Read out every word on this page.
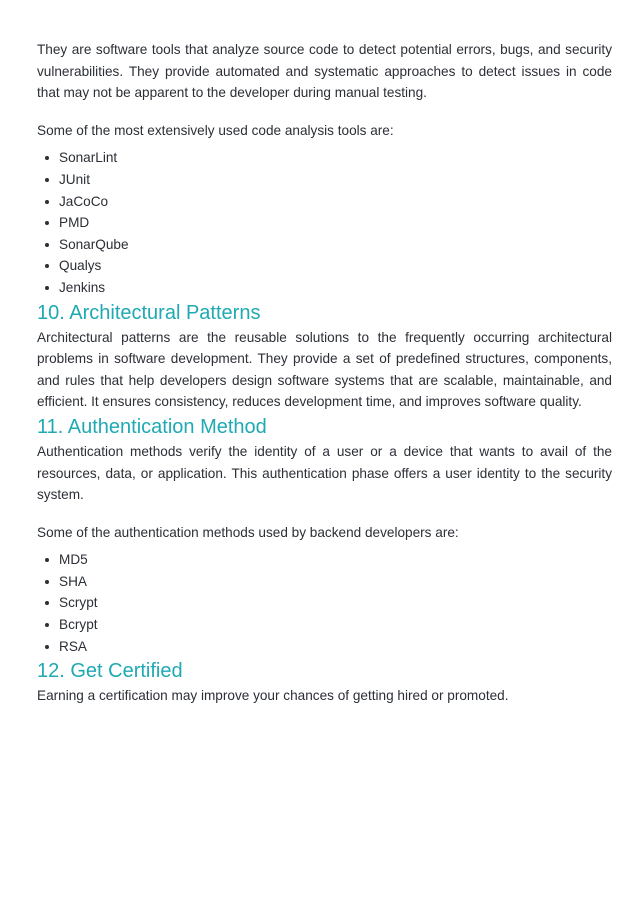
They are software tools that analyze source code to detect potential errors, bugs, and security vulnerabilities. They provide automated and systematic approaches to detect issues in code that may not be apparent to the developer during manual testing.

Some of the most extensively used code analysis tools are:

SonarLint
JUnit
JaCoCo
PMD
SonarQube
Qualys
Jenkins
10. Architectural Patterns

Architectural patterns are the reusable solutions to the frequently occurring architectural problems in software development. They provide a set of predefined structures, components, and rules that help developers design software systems that are scalable, maintainable, and efficient. It ensures consistency, reduces development time, and improves software quality.

11. Authentication Method

Authentication methods verify the identity of a user or a device that wants to avail of the resources, data, or application. This authentication phase offers a user identity to the security system.

Some of the authentication methods used by backend developers are:

MD5
SHA
Scrypt
Bcrypt
RSA
12. Get Certified

Earning a certification may improve your chances of getting hired or promoted.
